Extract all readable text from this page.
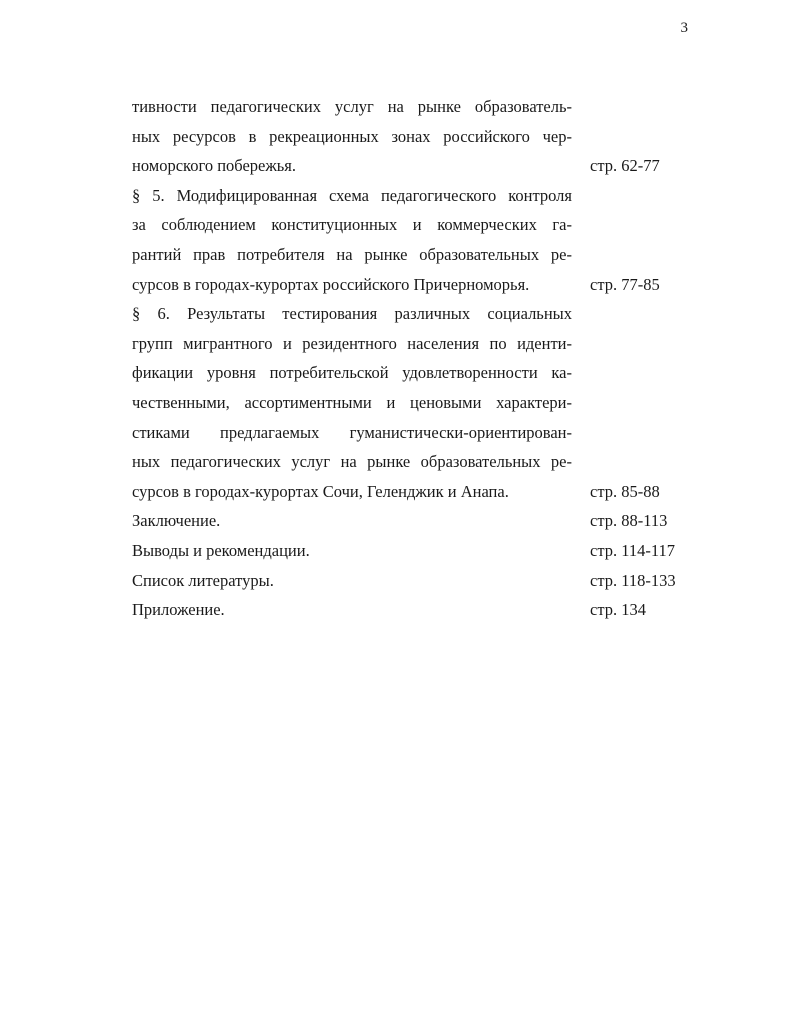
3
тивности педагогических услуг на рынке образователь-
ных ресурсов в рекреационных зонах российского чер-
номорского побережья.	стр. 62-77
§ 5. Модифицированная схема педагогического контроля
за соблюдением конституционных и коммерческих га-
рантий прав потребителя на рынке образовательных ре-
сурсов в городах-курортах российского Причерноморья.	стр. 77-85
§ 6. Результаты тестирования различных социальных
групп мигрантного и резидентного населения по иденти-
фикации уровня потребительской удовлетворенности ка-
чественными, ассортиментными и ценовыми характери-
стиками предлагаемых гуманистически-ориентирован-
ных педагогических услуг на рынке образовательных ре-
сурсов в городах-курортах Сочи, Геленджик и Анапа.	стр. 85-88
Заключение.	стр. 88-113
Выводы и рекомендации.	стр. 114-117
Список литературы.	стр. 118-133
Приложение.	стр. 134
